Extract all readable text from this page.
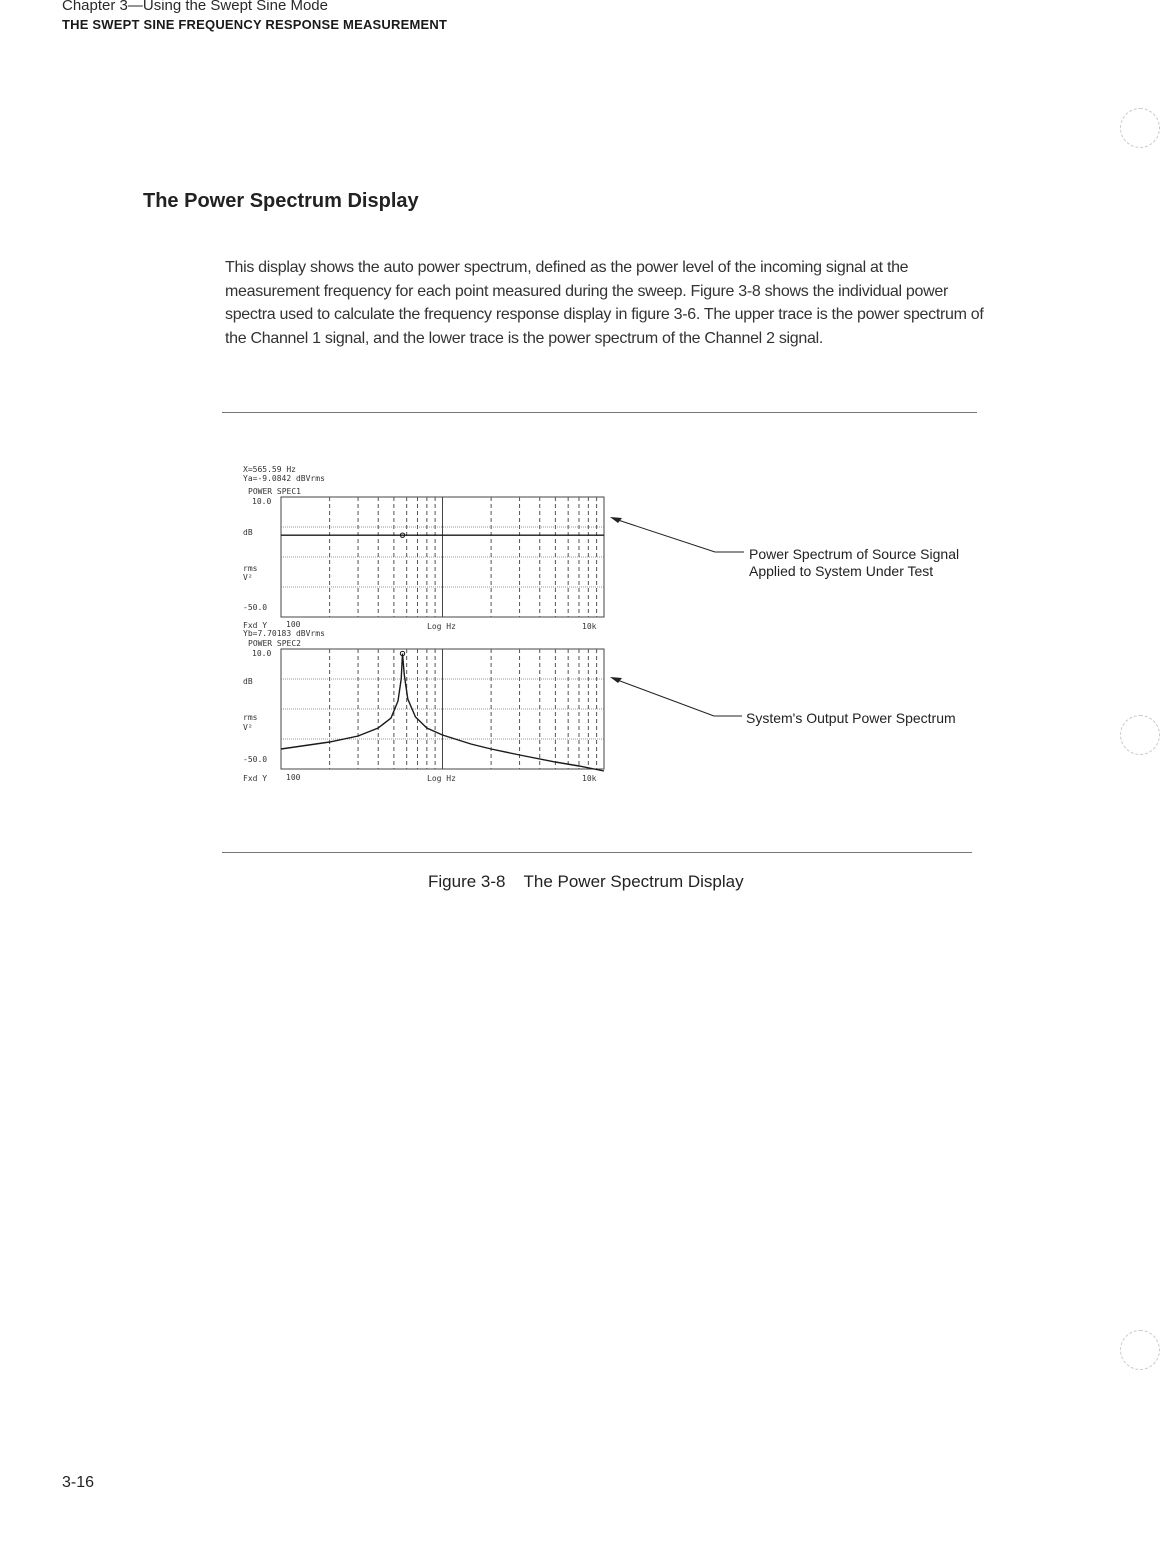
Chapter 3—Using the Swept Sine Mode
THE SWEPT SINE FREQUENCY RESPONSE MEASUREMENT
The Power Spectrum Display

This display shows the auto power spectrum, defined as the power level of the incoming signal at the measurement frequency for each point measured during the sweep. Figure 3-8 shows the individual power spectra used to calculate the frequency response display in figure 3-6. The upper trace is the power spectrum of the Channel 1 signal, and the lower trace is the power spectrum of the Channel 2 signal.

X=565.59 Hz
Ya=-9.0842 dBVrms
POWER SPEC1
10.0
dB
rms
V²
-50.0
Fxd Y 100	Log Hz	10k
Yb=7.70183 dBVrms
POWER SPEC2
10.0
dB
rms
V²
-50.0
Fxd Y 100	Log Hz	10k
Power Spectrum of Source Signal
Applied to System Under Test
System's Output Power Spectrum
Figure 3-8 The Power Spectrum Display
3-16
